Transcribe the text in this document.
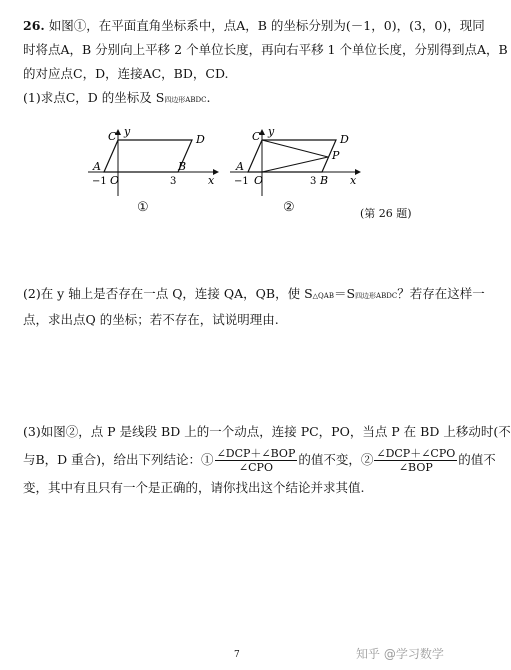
26. 如图①，在平面直角坐标系中，点A，B 的坐标分别为(－1，0)，(3，0)，现同
时将点A，B 分别向上平移 2 个单位长度，再向右平移 1 个单位长度，分别得到点A，B
的对应点C，D，连接AC，BD，CD.
(1)求点C，D 的坐标及 S四边形ABDC.
y
x
C	D
A	B
O
−1	3
①
y
x
C	D
P
A
B
O
−1	3
②	(第 26 题)
(2)在 y 轴上是否存在一点 Q，连接 QA，QB，使 S△QAB＝S四边形ABDC？若存在这样一
点，求出点Q 的坐标；若不存在，试说明理由.
(3)如图②，点 P 是线段 BD 上的一个动点，连接 PC，PO，当点 P 在 BD 上移动时(不
与B，D 重合)，给出下列结论：① $\frac{\text{∠DCP＋∠BOP}}{\text{∠CPO}}$ 的值不变，② $\frac{\text{∠DCP＋∠CPO}}{\text{∠BOP}}$ 的值不
变，其中有且只有一个是正确的，请你找出这个结论并求其值.
7	知乎 @学习数学
